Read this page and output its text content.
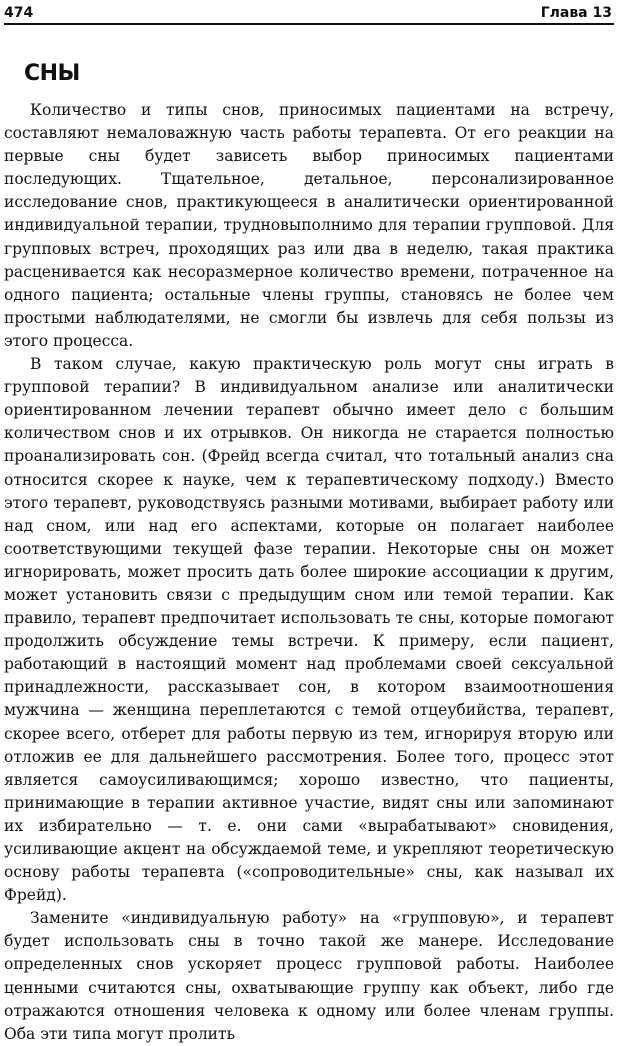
474	Глава 13
СНЫ

Количество и типы снов, приносимых пациентами на встречу, составляют немаловажную часть работы терапевта. От его реакции на первые сны будет зависеть выбор приносимых пациентами последующих. Тщательное, детальное, персонализированное исследование снов, практикующееся в аналитически ориентированной индивидуальной терапии, трудновыполнимо для терапии групповой. Для групповых встреч, проходящих раз или два в неделю, такая практика расценивается как несоразмерное количество времени, потраченное на одного пациента; остальные члены группы, становясь не более чем простыми наблюдателями, не смогли бы извлечь для себя пользы из этого процесса.

В таком случае, какую практическую роль могут сны играть в групповой терапии? В индивидуальном анализе или аналитически ориентированном лечении терапевт обычно имеет дело с большим количеством снов и их отрывков. Он никогда не старается полностью проанализировать сон. (Фрейд всегда считал, что тотальный анализ сна относится скорее к науке, чем к терапевтическому подходу.) Вместо этого терапевт, руководствуясь разными мотивами, выбирает работу или над сном, или над его аспектами, которые он полагает наиболее соответствующими текущей фазе терапии. Некоторые сны он может игнорировать, может просить дать более широкие ассоциации к другим, может установить связи с предыдущим сном или темой терапии. Как правило, терапевт предпочитает использовать те сны, которые помогают продолжить обсуждение темы встречи. К примеру, если пациент, работающий в настоящий момент над проблемами своей сексуальной принадлежности, рассказывает сон, в котором взаимоотношения мужчина — женщина переплетаются с темой отцеубийства, терапевт, скорее всего, отберет для работы первую из тем, игнорируя вторую или отложив ее для дальнейшего рассмотрения. Более того, процесс этот является самоусиливающимся; хорошо известно, что пациенты, принимающие в терапии активное участие, видят сны или запоминают их избирательно — т. е. они сами «вырабатывают» сновидения, усиливающие акцент на обсуждаемой теме, и укрепляют теоретическую основу работы терапевта («сопроводительные» сны, как называл их Фрейд).

Замените «индивидуальную работу» на «групповую», и терапевт будет использовать сны в точно такой же манере. Исследование определенных снов ускоряет процесс групповой работы. Наиболее ценными считаются сны, охватывающие группу как объект, либо где отражаются отношения человека к одному или более членам группы. Оба эти типа могут пролить
